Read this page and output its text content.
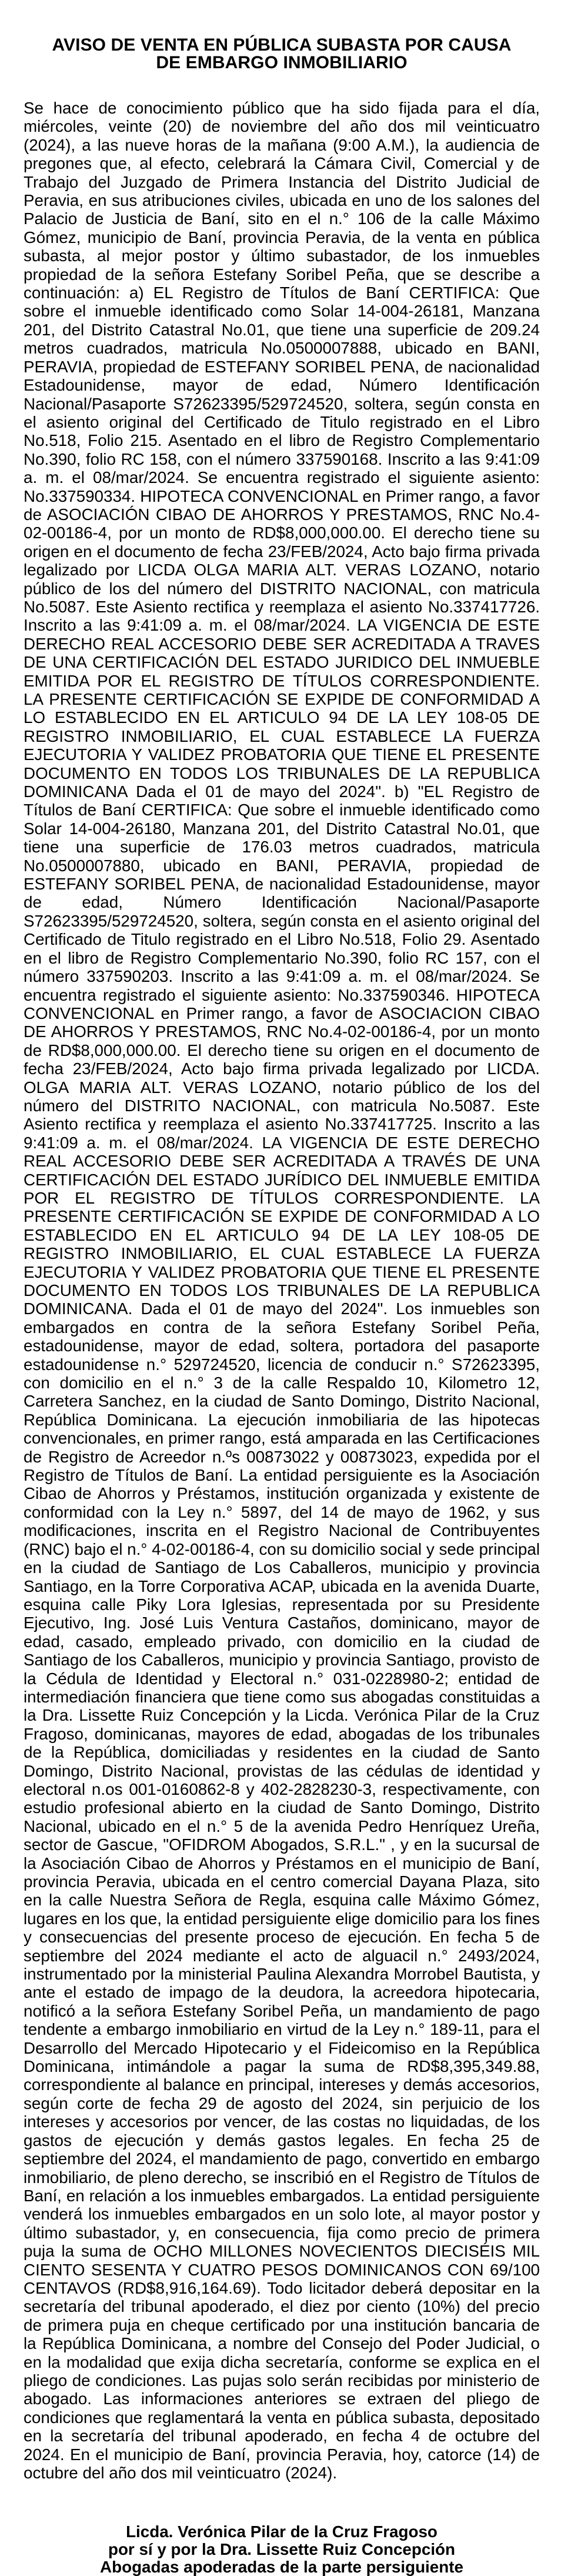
AVISO DE VENTA EN PÚBLICA SUBASTA POR CAUSA
DE EMBARGO INMOBILIARIO

Se hace de conocimiento público que ha sido fijada para el día, miércoles, veinte (20) de noviembre del año dos mil veinticuatro (2024), a las nueve horas de la mañana (9:00 A.M.), la audiencia de pregones que, al efecto, celebrará la Cámara Civil, Comercial y de Trabajo del Juzgado de Primera Instancia del Distrito Judicial de Peravia, en sus atribuciones civiles, ubicada en uno de los salones del Palacio de Justicia de Baní, sito en el n.° 106 de la calle Máximo Gómez, municipio de Baní, provincia Peravia, de la venta en pública subasta, al mejor postor y último subastador, de los inmuebles propiedad de la señora Estefany Soribel Peña, que se describe a continuación: a) EL Registro de Títulos de Baní CERTIFICA: Que sobre el inmueble identificado como Solar 14-004-26181, Manzana 201, del Distrito Catastral No.01, que tiene una superficie de 209.24 metros cuadrados, matricula No.0500007888, ubicado en BANI, PERAVIA, propiedad de ESTEFANY SORIBEL PENA, de nacionalidad Estadounidense, mayor de edad, Número Identificación Nacional/Pasaporte S72623395/529724520, soltera, según consta en el asiento original del Certificado de Titulo registrado en el Libro No.518, Folio 215. Asentado en el libro de Registro Complementario No.390, folio RC 158, con el número 337590168. Inscrito a las 9:41:09 a. m. el 08/mar/2024. Se encuentra registrado el siguiente asiento: No.337590334. HIPOTECA CONVENCIONAL en Primer rango, a favor de ASOCIACIÓN CIBAO DE AHORROS Y PRESTAMOS, RNC No.4-02-00186-4, por un monto de RD$8,000,000.00. El derecho tiene su origen en el documento de fecha 23/FEB/2024, Acto bajo firma privada legalizado por LICDA OLGA MARIA ALT. VERAS LOZANO, notario público de los del número del DISTRITO NACIONAL, con matricula No.5087. Este Asiento rectifica y reemplaza el asiento No.337417726. Inscrito a las 9:41:09 a. m. el 08/mar/2024. LA VIGENCIA DE ESTE DERECHO REAL ACCESORIO DEBE SER ACREDITADA A TRAVES DE UNA CERTIFICACIÓN DEL ESTADO JURIDICO DEL INMUEBLE EMITIDA POR EL REGISTRO DE TÍTULOS CORRESPONDIENTE. LA PRESENTE CERTIFICACIÓN SE EXPIDE DE CONFORMIDAD A LO ESTABLECIDO EN EL ARTICULO 94 DE LA LEY 108-05 DE REGISTRO INMOBILIARIO, EL CUAL ESTABLECE LA FUERZA EJECUTORIA Y VALIDEZ PROBATORIA QUE TIENE EL PRESENTE DOCUMENTO EN TODOS LOS TRIBUNALES DE LA REPUBLICA DOMINICANA Dada el 01 de mayo del 2024". b) "EL Registro de Títulos de Baní CERTIFICA: Que sobre el inmueble identificado como Solar 14-004-26180, Manzana 201, del Distrito Catastral No.01, que tiene una superficie de 176.03 metros cuadrados, matricula No.0500007880, ubicado en BANI, PERAVIA, propiedad de ESTEFANY SORIBEL PENA, de nacionalidad Estadounidense, mayor de edad, Número Identificación Nacional/Pasaporte S72623395/529724520, soltera, según consta en el asiento original del Certificado de Titulo registrado en el Libro No.518, Folio 29. Asentado en el libro de Registro Complementario No.390, folio RC 157, con el número 337590203. Inscrito a las 9:41:09 a. m. el 08/mar/2024. Se encuentra registrado el siguiente asiento: No.337590346. HIPOTECA CONVENCIONAL en Primer rango, a favor de ASOCIACION CIBAO DE AHORROS Y PRESTAMOS, RNC No.4-02-00186-4, por un monto de RD$8,000,000.00. El derecho tiene su origen en el documento de fecha 23/FEB/2024, Acto bajo firma privada legalizado por LICDA. OLGA MARIA ALT. VERAS LOZANO, notario público de los del número del DISTRITO NACIONAL, con matricula No.5087. Este Asiento rectifica y reemplaza el asiento No.337417725. Inscrito a las 9:41:09 a. m. el 08/mar/2024. LA VIGENCIA DE ESTE DERECHO REAL ACCESORIO DEBE SER ACREDITADA A TRAVÉS DE UNA CERTIFICACIÓN DEL ESTADO JURÍDICO DEL INMUEBLE EMITIDA POR EL REGISTRO DE TÍTULOS CORRESPONDIENTE. LA PRESENTE CERTIFICACIÓN SE EXPIDE DE CONFORMIDAD A LO ESTABLECIDO EN EL ARTICULO 94 DE LA LEY 108-05 DE REGISTRO INMOBILIARIO, EL CUAL ESTABLECE LA FUERZA EJECUTORIA Y VALIDEZ PROBATORIA QUE TIENE EL PRESENTE DOCUMENTO EN TODOS LOS TRIBUNALES DE LA REPUBLICA DOMINICANA. Dada el 01 de mayo del 2024". Los inmuebles son embargados en contra de la señora Estefany Soribel Peña, estadounidense, mayor de edad, soltera, portadora del pasaporte estadounidense n.° 529724520, licencia de conducir n.° S72623395, con domicilio en el n.° 3 de la calle Respaldo 10, Kilometro 12, Carretera Sanchez, en la ciudad de Santo Domingo, Distrito Nacional, República Dominicana. La ejecución inmobiliaria de las hipotecas convencionales, en primer rango, está amparada en las Certificaciones de Registro de Acreedor n.ºs 00873022 y 00873023, expedida por el Registro de Títulos de Baní. La entidad persiguiente es la Asociación Cibao de Ahorros y Préstamos, institución organizada y existente de conformidad con la Ley n.° 5897, del 14 de mayo de 1962, y sus modificaciones, inscrita en el Registro Nacional de Contribuyentes (RNC) bajo el n.° 4-02-00186-4, con su domicilio social y sede principal en la ciudad de Santiago de Los Caballeros, municipio y provincia Santiago, en la Torre Corporativa ACAP, ubicada en la avenida Duarte, esquina calle Piky Lora Iglesias, representada por su Presidente Ejecutivo, Ing. José Luis Ventura Castaños, dominicano, mayor de edad, casado, empleado privado, con domicilio en la ciudad de Santiago de los Caballeros, municipio y provincia Santiago, provisto de la Cédula de Identidad y Electoral n.° 031-0228980-2; entidad de intermediación financiera que tiene como sus abogadas constituidas a la Dra. Lissette Ruiz Concepción y la Licda. Verónica Pilar de la Cruz Fragoso, dominicanas, mayores de edad, abogadas de los tribunales de la República, domiciliadas y residentes en la ciudad de Santo Domingo, Distrito Nacional, provistas de las cédulas de identidad y electoral n.os 001-0160862-8 y 402-2828230-3, respectivamente, con estudio profesional abierto en la ciudad de Santo Domingo, Distrito Nacional, ubicado en el n.° 5 de la avenida Pedro Henríquez Ureña, sector de Gascue, "OFIDROM Abogados, S.R.L." , y en la sucursal de la Asociación Cibao de Ahorros y Préstamos en el municipio de Baní, provincia Peravia, ubicada en el centro comercial Dayana Plaza, sito en la calle Nuestra Señora de Regla, esquina calle Máximo Gómez, lugares en los que, la entidad persiguiente elige domicilio para los fines y consecuencias del presente proceso de ejecución. En fecha 5 de septiembre del 2024 mediante el acto de alguacil n.° 2493/2024, instrumentado por la ministerial Paulina Alexandra Morrobel Bautista, y ante el estado de impago de la deudora, la acreedora hipotecaria, notificó a la señora Estefany Soribel Peña, un mandamiento de pago tendente a embargo inmobiliario en virtud de la Ley n.° 189-11, para el Desarrollo del Mercado Hipotecario y el Fideicomiso en la República Dominicana, intimándole a pagar la suma de RD$8,395,349.88, correspondiente al balance en principal, intereses y demás accesorios, según corte de fecha 29 de agosto del 2024, sin perjuicio de los intereses y accesorios por vencer, de las costas no liquidadas, de los gastos de ejecución y demás gastos legales. En fecha 25 de septiembre del 2024, el mandamiento de pago, convertido en embargo inmobiliario, de pleno derecho, se inscribió en el Registro de Títulos de Baní, en relación a los inmuebles embargados. La entidad persiguiente venderá los inmuebles embargados en un solo lote, al mayor postor y último subastador, y, en consecuencia, fija como precio de primera puja la suma de OCHO MILLONES NOVECIENTOS DIECISÉIS MIL CIENTO SESENTA Y CUATRO PESOS DOMINICANOS CON 69/100 CENTAVOS (RD$8,916,164.69). Todo licitador deberá depositar en la secretaría del tribunal apoderado, el diez por ciento (10%) del precio de primera puja en cheque certificado por una institución bancaria de la República Dominicana, a nombre del Consejo del Poder Judicial, o en la modalidad que exija dicha secretaría, conforme se explica en el pliego de condiciones. Las pujas solo serán recibidas por ministerio de abogado. Las informaciones anteriores se extraen del pliego de condiciones que reglamentará la venta en pública subasta, depositado en la secretaría del tribunal apoderado, en fecha 4 de octubre del 2024. En el municipio de Baní, provincia Peravia, hoy, catorce (14) de octubre del año dos mil veinticuatro (2024).

Licda. Verónica Pilar de la Cruz Fragoso
por sí y por la Dra. Lissette Ruiz Concepción
Abogadas apoderadas de la parte persiguiente
